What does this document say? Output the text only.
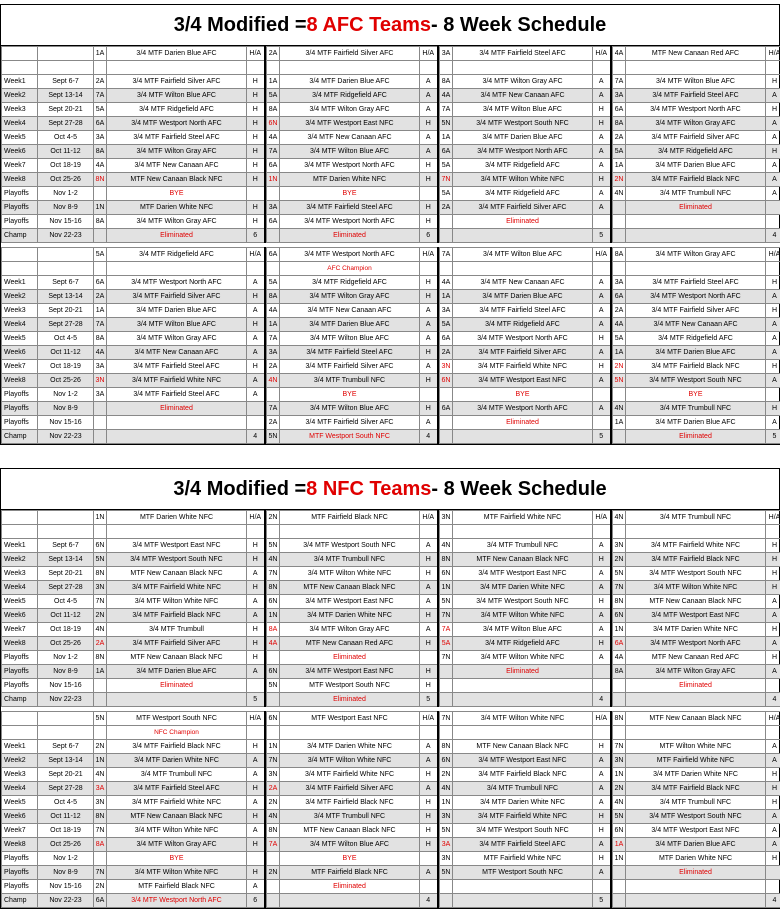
3/4 Modified = 8 AFC Teams - 8 Week Schedule
		1A	3/4 MTF Darien Blue AFC	H/A		2A	3/4 MTF Fairfield Silver AFC	H/A		3A	3/4 MTF Fairfield Steel AFC	H/A		4A	MTF New Canaan Red AFC	H/A

Week1	Sept 6-7	2A	3/4 MTF Fairfield Silver AFC	H		1A	3/4 MTF Darien Blue AFC	A		8A	3/4 MTF Wilton Gray AFC	A		7A	3/4 MTF Wilton Blue AFC	H
Week2	Sept 13-14	7A	3/4 MTF Wilton Blue AFC	H		5A	3/4 MTF Ridgefield AFC	A		4A	3/4 MTF New Canaan AFC	A		3A	3/4 MTF Fairfield Steel AFC	A
Week3	Sept 20-21	5A	3/4 MTF Ridgefield AFC	H		8A	3/4 MTF Wilton Gray AFC	A		7A	3/4 MTF Wilton Blue AFC	H		6A	3/4 MTF Westport North AFC	H
Week4	Sept 27-28	6A	3/4 MTF Westport North AFC	H		6N	3/4 MTF Westport East NFC	H		5N	3/4 MTF Westport South NFC	H		8A	3/4 MTF Wilton Gray AFC	A
Week5	Oct 4-5	3A	3/4 MTF Fairfield Steel AFC	H		4A	3/4 MTF New Canaan AFC	A		1A	3/4 MTF Darien Blue AFC	A		2A	3/4 MTF Fairfield Silver AFC	A
Week6	Oct 11-12	8A	3/4 MTF Wilton Gray AFC	H		7A	3/4 MTF Wilton Blue AFC	A		6A	3/4 MTF Westport North AFC	A		5A	3/4 MTF Ridgefield AFC	H
Week7	Oct 18-19	4A	3/4 MTF New Canaan AFC	H		6A	3/4 MTF Westport North AFC	H		5A	3/4 MTF Ridgefield AFC	A		1A	3/4 MTF Darien Blue AFC	A
Week8	Oct 25-26	8N	MTF New Canaan Black NFC	H		1N	MTF Darien White NFC	H		7N	3/4 MTF Wilton White NFC	H		2N	3/4 MTF Fairfield Black NFC	A
Playoffs	Nov 1-2		BYE				BYE			5A	3/4 MTF Ridgefield AFC	A		4N	3/4 MTF Trumbull NFC	A
Playoffs	Nov 8-9	1N	MTF Darien White NFC	H		3A	3/4 MTF Fairfield Steel AFC	H		2A	3/4 MTF Fairfield Silver AFC	A			Eliminated	
Playoffs	Nov 15-16	8A	3/4 MTF Wilton Gray AFC	H		6A	3/4 MTF Westport North AFC	H			Eliminated					
Champ	Nov 22-23		Eliminated	6			Eliminated	6				5				4

		5A	3/4 MTF Ridgefield AFC	H/A		6A	3/4 MTF Westport North AFC	H/A		7A	3/4 MTF Wilton Blue AFC	H/A		8A	3/4 MTF Wilton Gray AFC	H/A
							AFC Champion									
Week1	Sept 6-7	6A	3/4 MTF Westport North AFC	A		5A	3/4 MTF Ridgefield AFC	H		4A	3/4 MTF New Canaan AFC	A		3A	3/4 MTF Fairfield Steel AFC	H
Week2	Sept 13-14	2A	3/4 MTF Fairfield Silver AFC	H		8A	3/4 MTF Wilton Gray AFC	H		1A	3/4 MTF Darien Blue AFC	A		6A	3/4 MTF Westport North AFC	A
Week3	Sept 20-21	1A	3/4 MTF Darien Blue AFC	A		4A	3/4 MTF New Canaan AFC	A		3A	3/4 MTF Fairfield Steel AFC	A		2A	3/4 MTF Fairfield Silver AFC	H
Week4	Sept 27-28	7A	3/4 MTF Wilton Blue AFC	H		1A	3/4 MTF Darien Blue AFC	A		5A	3/4 MTF Ridgefield AFC	A		4A	3/4 MTF New Canaan AFC	A
Week5	Oct 4-5	8A	3/4 MTF Wilton Gray AFC	A		7A	3/4 MTF Wilton Blue AFC	A		6A	3/4 MTF Westport North AFC	H		5A	3/4 MTF Ridgefield AFC	A
Week6	Oct 11-12	4A	3/4 MTF New Canaan AFC	A		3A	3/4 MTF Fairfield Steel AFC	H		2A	3/4 MTF Fairfield Silver AFC	A		1A	3/4 MTF Darien Blue AFC	A
Week7	Oct 18-19	3A	3/4 MTF Fairfield Steel AFC	H		2A	3/4 MTF Fairfield Silver AFC	A		3N	3/4 MTF Fairfield White NFC	H		2N	3/4 MTF Fairfield Black NFC	H
Week8	Oct 25-26	3N	3/4 MTF Fairfield White NFC	A		4N	3/4 MTF Trumbull NFC	H		6N	3/4 MTF Westport East NFC	A		5N	3/4 MTF Westport South NFC	A
Playoffs	Nov 1-2	3A	3/4 MTF Fairfield Steel AFC	A			BYE				BYE				BYE	
Playoffs	Nov 8-9		Eliminated			7A	3/4 MTF Wilton Blue AFC	H		6A	3/4 MTF Westport North AFC	A		4N	3/4 MTF Trumbull NFC	H
Playoffs	Nov 15-16					2A	3/4 MTF Fairfield Silver AFC	A			Eliminated			1A	3/4 MTF Darien Blue AFC	A
Champ	Nov 22-23			4		5N	MTF Westport South NFC	4				5			Eliminated	5
3/4 Modified = 8 NFC Teams - 8 Week Schedule
		1N	MTF Darien White NFC	H/A		2N	MTF Fairfield Black NFC	H/A		3N	MTF Fairfield White NFC	H/A		4N	3/4 MTF Trumbull NFC	H/A

Week1	Sept 6-7	6N	3/4 MTF Westport East NFC	H		5N	3/4 MTF Westport South NFC	A		4N	3/4 MTF Trumbull NFC	A		3N	3/4 MTF Fairfield White NFC	H
Week2	Sept 13-14	5N	3/4 MTF Westport South NFC	H		4N	3/4 MTF Trumbull NFC	H		8N	MTF New Canaan Black NFC	H		2N	3/4 MTF Fairfield Black NFC	H
Week3	Sept 20-21	8N	MTF New Canaan Black NFC	A		7N	3/4 MTF Wilton White NFC	H		6N	3/4 MTF Westport East NFC	A		5N	3/4 MTF Westport South NFC	H
Week4	Sept 27-28	3N	3/4 MTF Fairfield White NFC	H		8N	MTF New Canaan Black NFC	A		1N	3/4 MTF Darien White NFC	A		7N	3/4 MTF Wilton White NFC	H
Week5	Oct 4-5	7N	3/4 MTF Wilton White NFC	A		6N	3/4 MTF Westport East NFC	A		5N	3/4 MTF Westport South NFC	H		8N	MTF New Canaan Black NFC	A
Week6	Oct 11-12	2N	3/4 MTF Fairfield Black NFC	A		1N	3/4 MTF Darien White NFC	H		7N	3/4 MTF Wilton White NFC	A		6N	3/4 MTF Westport East NFC	A
Week7	Oct 18-19	4N	3/4 MTF Trumbull	H		8A	3/4 MTF Wilton Gray AFC	A		7A	3/4 MTF Wilton Blue AFC	A		1N	3/4 MTF Darien White NFC	H
Week8	Oct 25-26	2A	3/4 MTF Fairfield Silver AFC	H		4A	MTF New Canaan Red AFC	H		5A	3/4 MTF Ridgefield AFC	H		6A	3/4 MTF Westport North AFC	A
Playoffs	Nov 1-2	8N	MTF New Canaan Black NFC	H			Eliminated			7N	3/4 MTF Wilton White NFC	A		4A	MTF New Canaan Red AFC	H
Playoffs	Nov 8-9	1A	3/4 MTF Darien Blue AFC	A		6N	3/4 MTF Westport East NFC	H			Eliminated			8A	3/4 MTF Wilton Gray AFC	A
Playoffs	Nov 15-16		Eliminated			5N	MTF Westport South NFC	H							Eliminated	
Champ	Nov 22-23			5			Eliminated	5				4				4

		5N	MTF Westport South NFC	H/A		6N	MTF Westport East NFC	H/A		7N	3/4 MTF Wilton White NFC	H/A		8N	MTF New Canaan Black NFC	H/A
			NFC Champion													
Week1	Sept 6-7	2N	3/4 MTF Fairfield Black NFC	H		1N	3/4 MTF Darien White NFC	A		8N	MTF New Canaan Black NFC	H		7N	MTF Wilton White NFC	A
Week2	Sept 13-14	1N	3/4 MTF Darien White NFC	A		7N	3/4 MTF Wilton White NFC	A		6N	3/4 MTF Westport East NFC	A		3N	MTF Fairfield White NFC	A
Week3	Sept 20-21	4N	3/4 MTF Trumbull NFC	A		3N	3/4 MTF Fairfield White NFC	H		2N	3/4 MTF Fairfield Black NFC	A		1N	3/4 MTF Darien White NFC	H
Week4	Sept 27-28	3A	3/4 MTF Fairfield Steel AFC	H		2A	3/4 MTF Fairfield Silver AFC	A		4N	3/4 MTF Trumbull NFC	A		2N	3/4 MTF Fairfield Black NFC	H
Week5	Oct 4-5	3N	3/4 MTF Fairfield White NFC	A		2N	3/4 MTF Fairfield Black NFC	H		1N	3/4 MTF Darien White NFC	A		4N	3/4 MTF Trumbull NFC	H
Week6	Oct 11-12	8N	MTF New Canaan Black NFC	H		4N	3/4 MTF Trumbull NFC	H		3N	3/4 MTF Fairfield White NFC	H		5N	3/4 MTF Westport South NFC	A
Week7	Oct 18-19	7N	3/4 MTF Wilton White NFC	A		8N	MTF New Canaan Black NFC	H		5N	3/4 MTF Westport South NFC	H		6N	3/4 MTF Westport East NFC	A
Week8	Oct 25-26	8A	3/4 MTF Wilton Gray AFC	H		7A	3/4 MTF Wilton Blue AFC	H		3A	3/4 MTF Fairfield Steel AFC	A		1A	3/4 MTF Darien Blue AFC	A
Playoffs	Nov 1-2		BYE				BYE			3N	MTF Fairfield White NFC	H		1N	MTF Darien White NFC	H
Playoffs	Nov 8-9	7N	3/4 MTF Wilton White NFC	H		2N	MTF Fairfield Black NFC	A		5N	MTF Westport South NFC	A			Eliminated	
Playoffs	Nov 15-16	2N	MTF Fairfield Black NFC	A			Eliminated									
Champ	Nov 22-23	6A	3/4 MTF Westport North AFC	6				4				5				4
